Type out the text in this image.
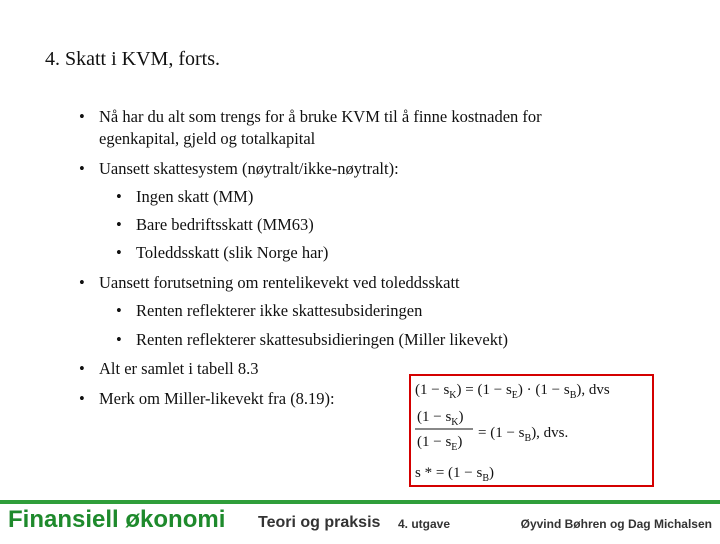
4. Skatt i KVM, forts.
• Nå har du alt som trengs for å bruke KVM til å finne kostnaden for
egenkapital, gjeld og totalkapital
• Uansett skattesystem (nøytralt/ikke-nøytralt):
• Ingen skatt (MM)
• Bare bedriftsskatt (MM63)
• Toleddsskatt (slik Norge har)
• Uansett forutsetning om rentelikevekt ved toleddsskatt
• Renten reflekterer ikke skattesubsideringen
• Renten reflekterer skattesubsidieringen (Miller likevekt)
• Alt er samlet i tabell 8.3
• Merk om Miller-likevekt fra (8.19):	$(1 - s_K) = (1 - s_E) \cdot (1 - s_B)$, dvs
$(1 - s_K)$
$(1 - s_E)$
= $(1 - s_B)$, dvs.
s * = $(1 - s_B)$
Finansiell økonomi Teori og praksis 4. utgave	Øyvind Bøhren og Dag Michalsen
